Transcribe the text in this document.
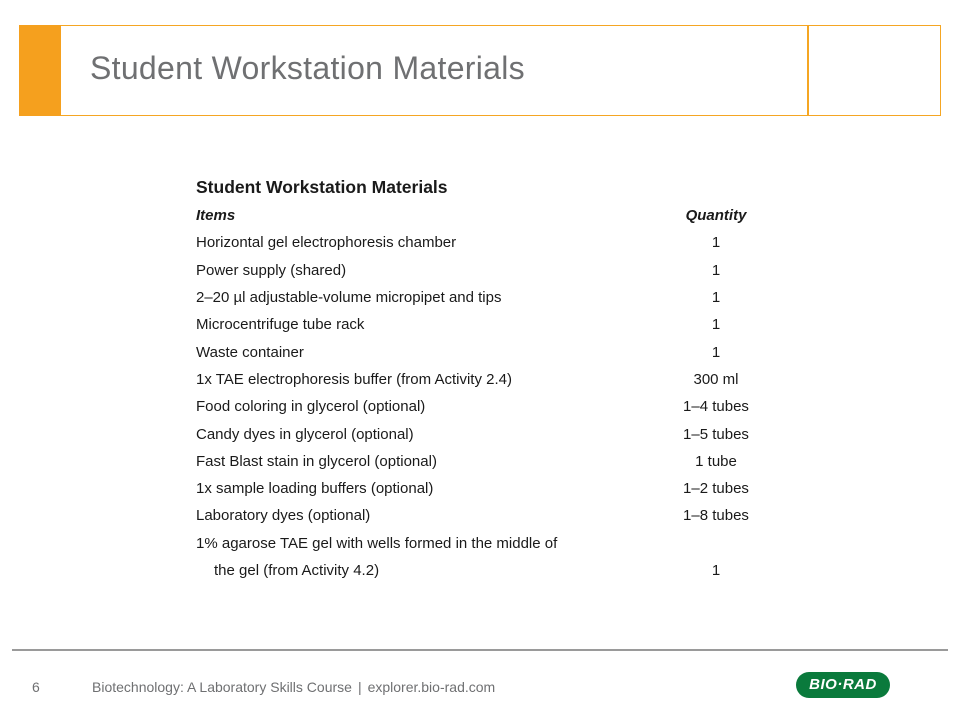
Student Workstation Materials
Student Workstation Materials
Items	Quantity
Horizontal gel electrophoresis chamber	1
Power supply (shared)	1
2–20 µl adjustable-volume micropipet and tips	1
Microcentrifuge tube rack	1
Waste container	1
1x TAE electrophoresis buffer (from Activity 2.4)	300 ml
Food coloring in glycerol (optional)	1–4 tubes
Candy dyes in glycerol (optional)	1–5 tubes
Fast Blast stain in glycerol (optional)	1 tube
1x sample loading buffers (optional)	1–2 tubes
Laboratory dyes (optional)	1–8 tubes
1% agarose TAE gel with wells formed in the middle of
the gel (from Activity 4.2)	1
6	Biotechnology: A Laboratory Skills Course | explorer.bio-rad.com	BIO·RAD
